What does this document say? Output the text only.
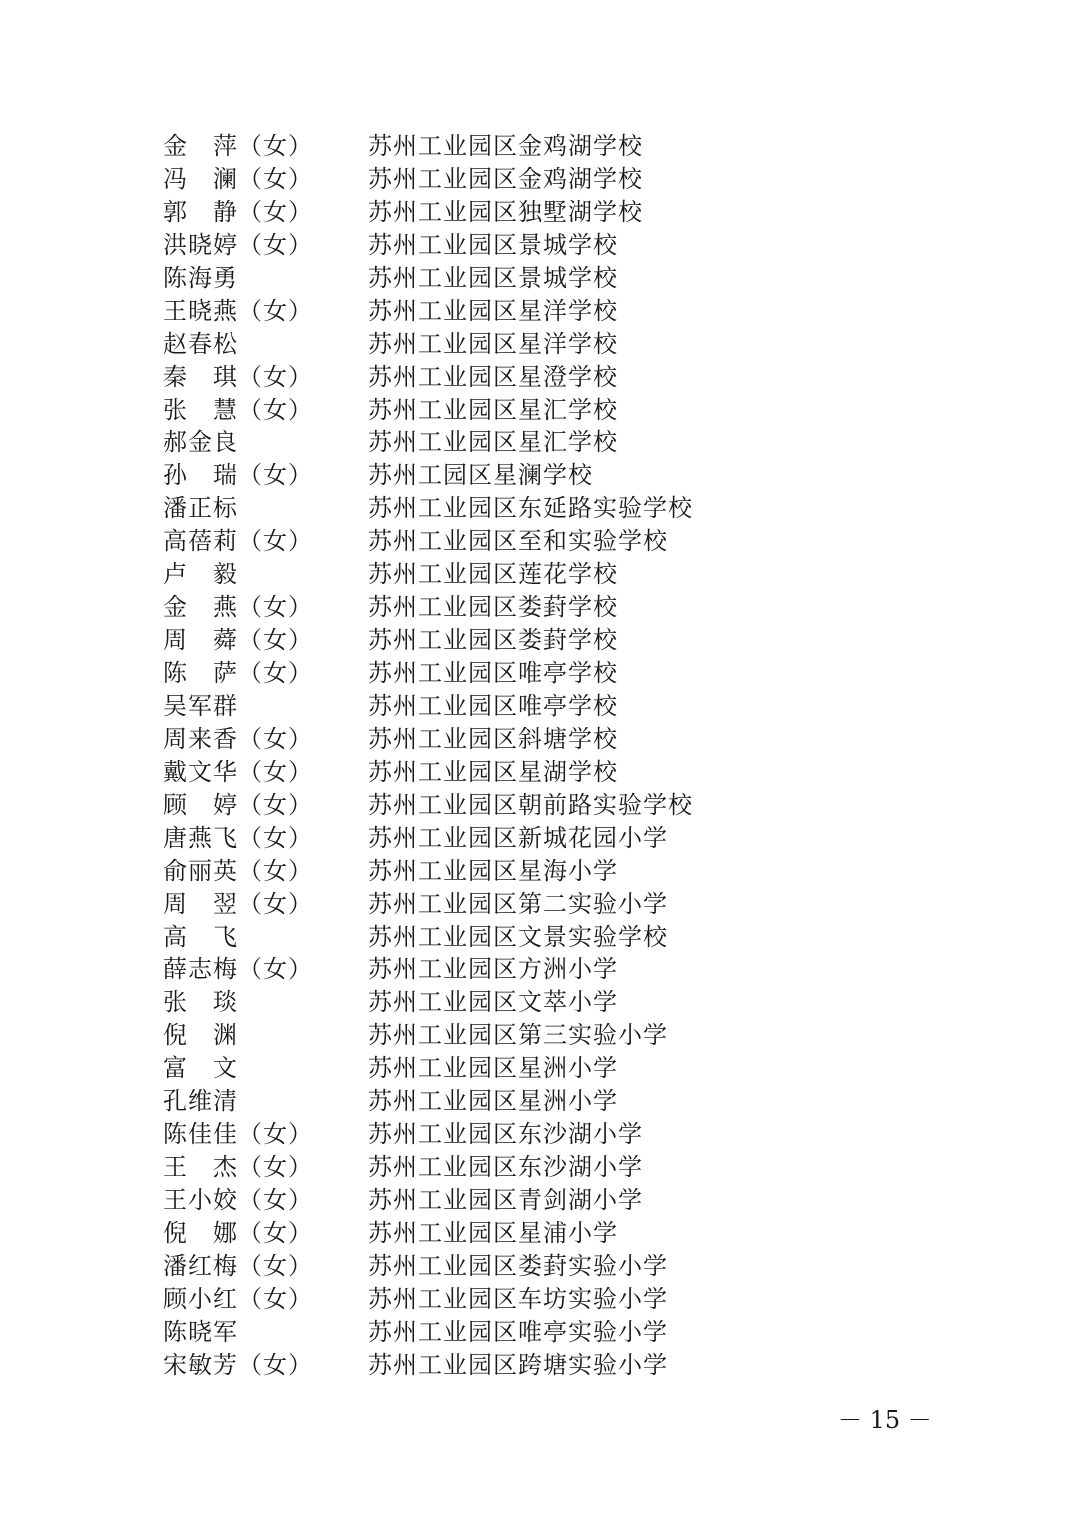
金　萍（女） 苏州工业园区金鸡湖学校
冯　澜（女） 苏州工业园区金鸡湖学校
郭　静（女） 苏州工业园区独墅湖学校
洪晓婷（女） 苏州工业园区景城学校
陈海勇	苏州工业园区景城学校
王晓燕（女） 苏州工业园区星洋学校
赵春松	苏州工业园区星洋学校
秦　琪（女） 苏州工业园区星澄学校
张　慧（女） 苏州工业园区星汇学校
郝金良	苏州工业园区星汇学校
孙　瑞（女） 苏州工园区星澜学校
潘正标	苏州工业园区东延路实验学校
高蓓莉（女） 苏州工业园区至和实验学校
卢　毅	苏州工业园区莲花学校
金　燕（女） 苏州工业园区娄葑学校
周　蕣（女） 苏州工业园区娄葑学校
陈　萨（女） 苏州工业园区唯亭学校
吴军群	苏州工业园区唯亭学校
周来香（女） 苏州工业园区斜塘学校
戴文华（女） 苏州工业园区星湖学校
顾　婷（女） 苏州工业园区朝前路实验学校
唐燕飞（女） 苏州工业园区新城花园小学
俞丽英（女） 苏州工业园区星海小学
周　翌（女） 苏州工业园区第二实验小学
高　飞	苏州工业园区文景实验学校
薛志梅（女） 苏州工业园区方洲小学
张　琰	苏州工业园区文萃小学
倪　渊	苏州工业园区第三实验小学
富　文	苏州工业园区星洲小学
孔维清	苏州工业园区星洲小学
陈佳佳（女） 苏州工业园区东沙湖小学
王　杰（女） 苏州工业园区东沙湖小学
王小姣（女） 苏州工业园区青剑湖小学
倪　娜（女） 苏州工业园区星浦小学
潘红梅（女） 苏州工业园区娄葑实验小学
顾小红（女） 苏州工业园区车坊实验小学
陈晓军	苏州工业园区唯亭实验小学
宋敏芳（女） 苏州工业园区跨塘实验小学
－ 15 －
